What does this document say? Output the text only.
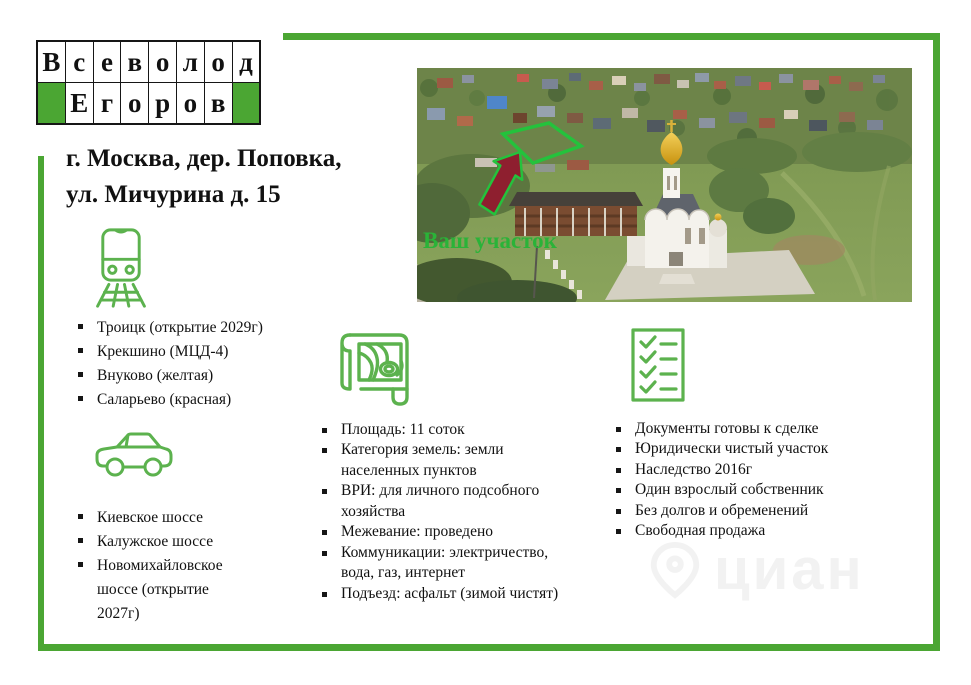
В с е в о л о д
Е г о р о в
г. Москва, дер. Поповка,
ул. Мичурина д. 15
Троицк (открытие 2029г)
Крекшино (МЦД-4)
Внуково (желтая)
Саларьево (красная)
Киевское шоссе
Калужское шоссе
Новомихайловское шоссе (открытие 2027г)
Площадь: 11 соток
Категория земель: земли населенных пунктов
ВРИ: для личного подсобного хозяйства
Межевание: проведено
Коммуникации: электричество, вода, газ, интернет
Подъезд: асфальт (зимой чистят)
Документы готовы к сделке
Юридически чистый участок
Наследство 2016г
Один взрослый собственник
Без долгов и обременений
Свободная продажа
Ваш участок
циан
